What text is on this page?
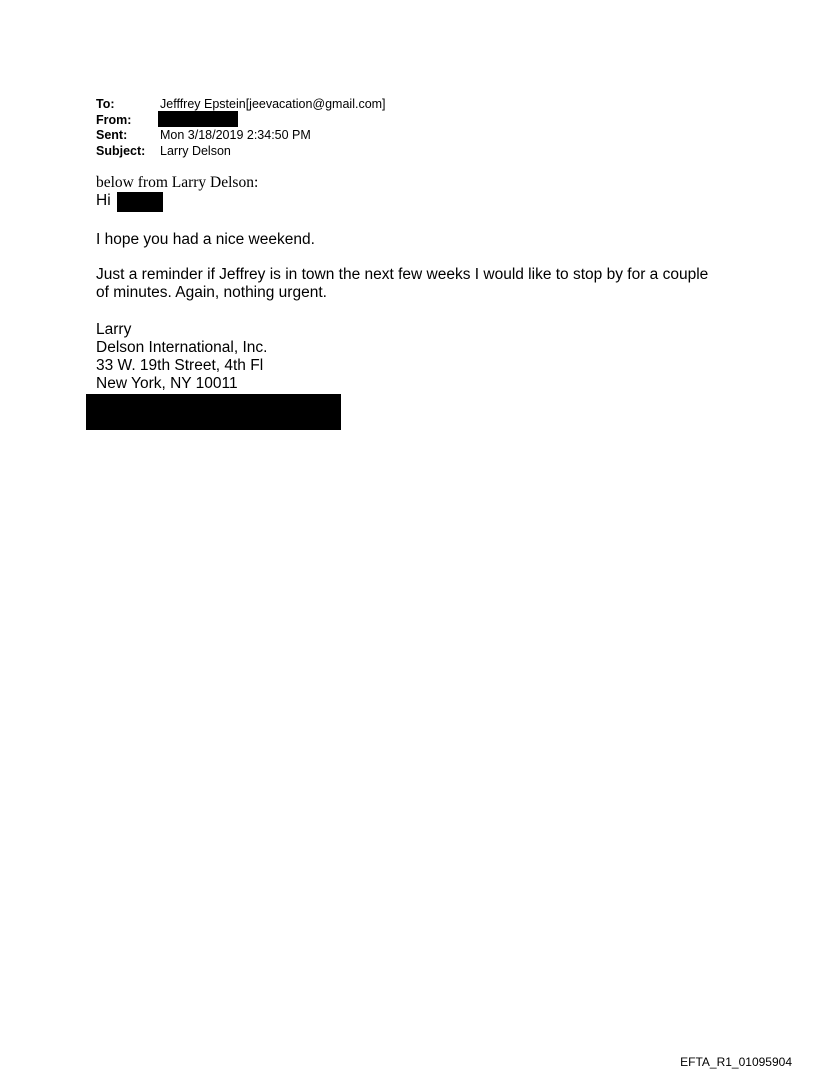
To:	Jefffrey Epstein[jeevacation@gmail.com]
From:
Sent:	Mon 3/18/2019 2:34:50 PM
Subject:	Larry Delson
below from Larry Delson:
Hi
I hope you had a nice weekend.
Just a reminder if Jeffrey is in town the next few weeks I would like to stop by for a couple of minutes. Again, nothing urgent.
Larry
Delson International, Inc.
33 W. 19th Street, 4th Fl
New York, NY 10011
EFTA_R1_01095904
